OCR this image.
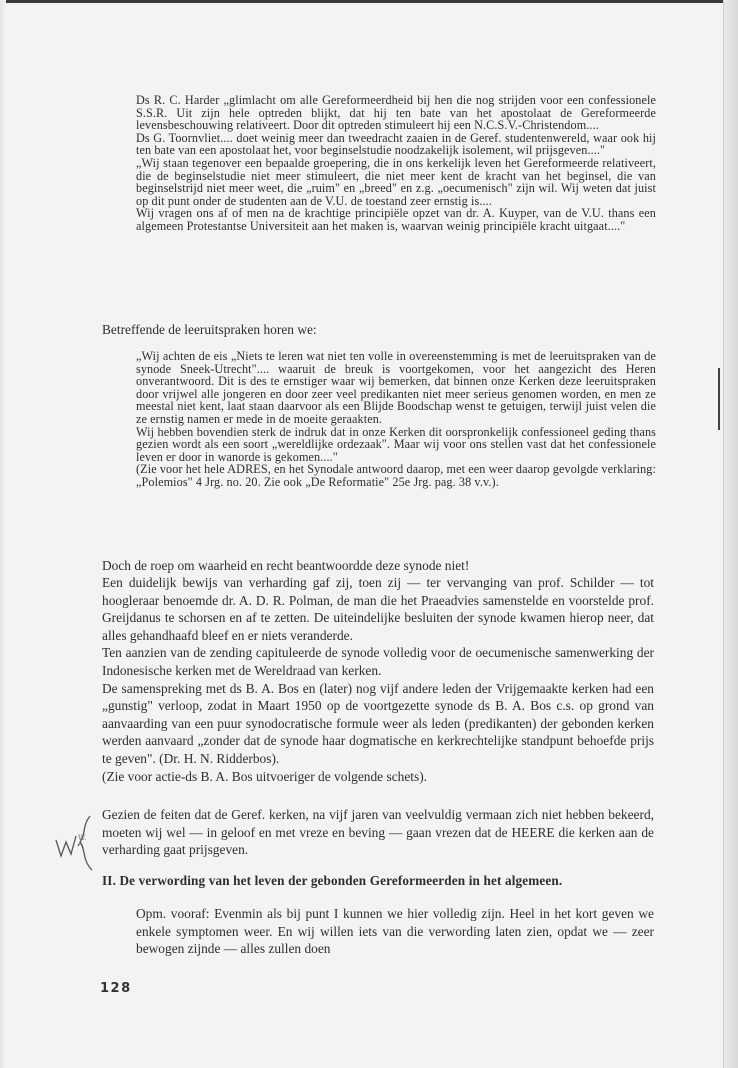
Ds R. C. Harder „glimlacht om alle Gereformeerdheid bij hen die nog strijden voor een confessionele S.S.R. Uit zijn hele optreden blijkt, dat hij ten bate van het apostolaat de Gereformeerde levensbeschouwing relativeert. Door dit optreden stimuleert hij een N.C.S.V.-Christendom....

Ds G. Toornvliet.... doet weinig meer dan tweedracht zaaien in de Geref. studentenwereld, waar ook hij ten bate van een apostolaat het, voor beginselstudie noodzakelijk isolement, wil prijsgeven...."

„Wij staan tegenover een bepaalde groepering, die in ons kerkelijk leven het Gereformeerde relativeert, die de beginselstudie niet meer stimuleert, die niet meer kent de kracht van het beginsel, die van beginselstrijd niet meer weet, die „ruim" en „breed" en z.g. „oecumenisch" zijn wil. Wij weten dat juist op dit punt onder de studenten aan de V.U. de toestand zeer ernstig is....

Wij vragen ons af of men na de krachtige principiële opzet van dr. A. Kuyper, van de V.U. thans een algemeen Protestantse Universiteit aan het maken is, waarvan weinig principiële kracht uitgaat...."

Betreffende de leeruitspraken horen we:

„Wij achten de eis „Niets te leren wat niet ten volle in overeenstemming is met de leeruitspraken van de synode Sneek-Utrecht".... waaruit de breuk is voortgekomen, voor het aangezicht des Heren onverantwoord. Dit is des te ernstiger waar wij bemerken, dat binnen onze Kerken deze leeruitspraken door vrijwel alle jongeren en door zeer veel predikanten niet meer serieus genomen worden, en men ze meestal niet kent, laat staan daarvoor als een Blijde Boodschap wenst te getuigen, terwijl juist velen die ze ernstig namen er mede in de moeite geraakten.

Wij hebben bovendien sterk de indruk dat in onze Kerken dit oorspronkelijk confessioneel geding thans gezien wordt als een soort „wereldlijke ordezaak". Maar wij voor ons stellen vast dat het confessionele leven er door in wanorde is gekomen...."

(Zie voor het hele ADRES, en het Synodale antwoord daarop, met een weer daarop gevolgde verklaring: „Polemios" 4 Jrg. no. 20. Zie ook „De Reformatie" 25e Jrg. pag. 38 v.v.).

Doch de roep om waarheid en recht beantwoordde deze synode niet!

Een duidelijk bewijs van verharding gaf zij, toen zij — ter vervanging van prof. Schilder — tot hoogleraar benoemde dr. A. D. R. Polman, de man die het Praeadvies samenstelde en voorstelde prof. Greijdanus te schorsen en af te zetten. De uiteindelijke besluiten der synode kwamen hierop neer, dat alles gehandhaafd bleef en er niets veranderde.

Ten aanzien van de zending capituleerde de synode volledig voor de oecumenische samenwerking der Indonesische kerken met de Wereldraad van kerken.

De samenspreking met ds B. A. Bos en (later) nog vijf andere leden der Vrijgemaakte kerken had een „gunstig" verloop, zodat in Maart 1950 op de voortgezette synode ds B. A. Bos c.s. op grond van aanvaarding van een puur synodocratische formule weer als leden (predikanten) der gebonden kerken werden aanvaard „zonder dat de synode haar dogmatische en kerkrechtelijke standpunt behoefde prijs te geven". (Dr. H. N. Ridderbos).

(Zie voor actie-ds B. A. Bos uitvoeriger de volgende schets).

Gezien de feiten dat de Geref. kerken, na vijf jaren van veelvuldig vermaan zich niet hebben bekeerd, moeten wij wel — in geloof en met vreze en beving — gaan vrezen dat de HEERE die kerken aan de verharding gaat prijsgeven.

W.

II. De verwording van het leven der gebonden Gereformeerden in het algemeen.

Opm. vooraf: Evenmin als bij punt I kunnen we hier volledig zijn. Heel in het kort geven we enkele symptomen weer. En wij willen iets van die verwording laten zien, opdat we — zeer bewogen zijnde — alles zullen doen

128
